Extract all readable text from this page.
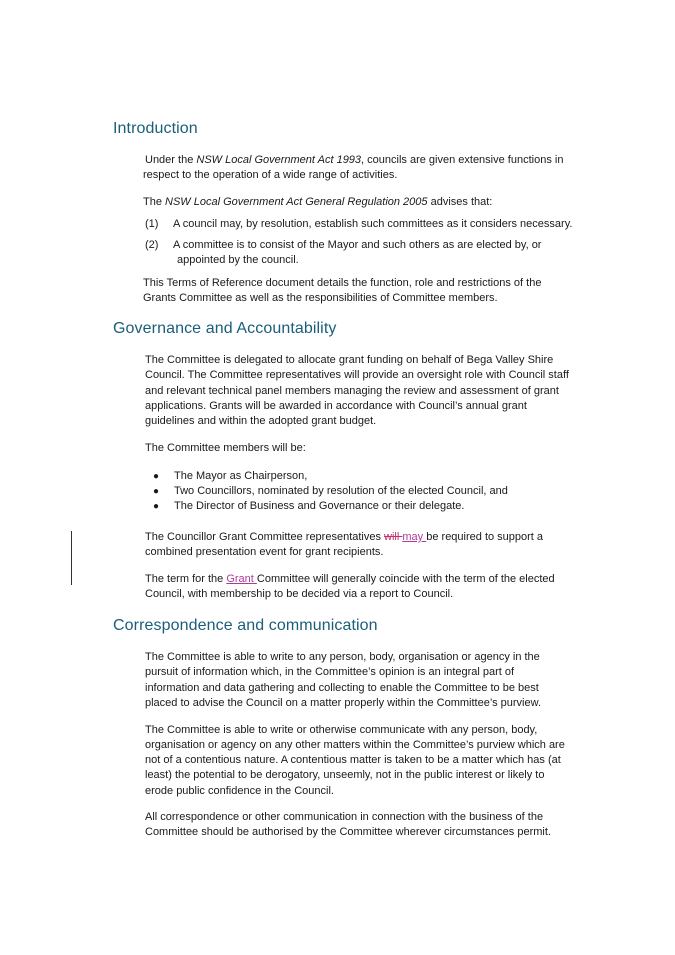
Introduction

Under the NSW Local Government Act 1993, councils are given extensive functions in

respect to the operation of a wide range of activities.

The NSW Local Government Act General Regulation 2005 advises that:

(1) A council may, by resolution, establish such committees as it considers necessary.
(2) A committee is to consist of the Mayor and such others as are elected by, or
appointed by the council.

This Terms of Reference document details the function, role and restrictions of the

Grants Committee as well as the responsibilities of Committee members.

Governance and Accountability

The Committee is delegated to allocate grant funding on behalf of Bega Valley Shire

Council. The Committee representatives will provide an oversight role with Council staff

and relevant technical panel members managing the review and assessment of grant

applications. Grants will be awarded in accordance with Council’s annual grant

guidelines and within the adopted grant budget.

The Committee members will be:

● The Mayor as Chairperson,
● Two Councillors, nominated by resolution of the elected Council, and
● The Director of Business and Governance or their delegate.

The Councillor Grant Committee representatives will may be required to support a

combined presentation event for grant recipients.

The term for the Grant Committee will generally coincide with the term of the elected

Council, with membership to be decided via a report to Council.

Correspondence and communication

The Committee is able to write to any person, body, organisation or agency in the

pursuit of information which, in the Committee’s opinion is an integral part of

information and data gathering and collecting to enable the Committee to be best

placed to advise the Council on a matter properly within the Committee’s purview.

The Committee is able to write or otherwise communicate with any person, body,

organisation or agency on any other matters within the Committee’s purview which are

not of a contentious nature. A contentious matter is taken to be a matter which has (at

least) the potential to be derogatory, unseemly, not in the public interest or likely to

erode public confidence in the Council.

All correspondence or other communication in connection with the business of the

Committee should be authorised by the Committee wherever circumstances permit.
